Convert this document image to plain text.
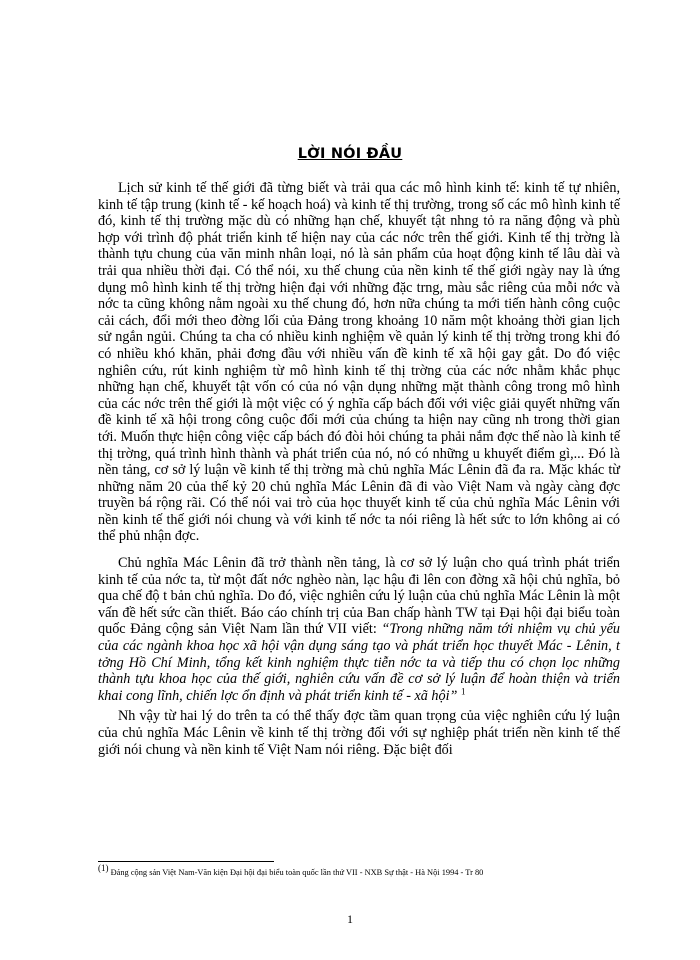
LỜI NÓI ĐẦU

Lịch sử kinh tế thế giới đã từng biết và trải qua các mô hình kinh tế: kinh tế tự nhiên, kinh tế tập trung (kinh tế - kế hoạch hoá) và kinh tế thị trường, trong số các mô hình kinh tế đó, kinh tế thị trường mặc dù có những hạn chế, khuyết tật nhng tỏ ra năng động và phù hợp với trình độ phát triển kinh tế hiện nay của các nớc trên thế giới. Kinh tế thị trờng là thành tựu chung của văn minh nhân loại, nó là sản phẩm của hoạt động kinh tế lâu dài và trải qua nhiều thời đại. Có thể nói, xu thế chung của nền kinh tế thế giới ngày nay là ứng dụng mô hình kinh tế thị trờng hiện đại với những đặc trng, màu sắc riêng của mỗi nớc và nớc ta cũng không nằm ngoài xu thế chung đó, hơn nữa chúng ta mới tiến hành công cuộc cải cách, đổi mới theo đờng lối của Đảng trong khoảng 10 năm một khoảng thời gian lịch sử ngắn ngủi. Chúng ta cha có nhiều kinh nghiệm về quản lý kinh tế thị trờng trong khi đó có nhiều khó khăn, phải đơng đầu với nhiều vấn đề kinh tế xã hội gay gắt. Do đó việc nghiên cứu, rút kinh nghiệm từ mô hình kinh tế thị trờng của các nớc nhằm khắc phục những hạn chế, khuyết tật vốn có của nó vận dụng những mặt thành công trong mô hình của các nớc trên thế giới là một việc có ý nghĩa cấp bách đối với việc giải quyết những vấn đề kinh tế xã hội trong công cuộc đổi mới của chúng ta hiện nay cũng nh trong thời gian tới. Muốn thực hiện công việc cấp bách đó đòi hỏi chúng ta phải nắm đợc thế nào là kinh tế thị trờng, quá trình hình thành và phát triển của nó, nó có những u khuyết điểm gì,... Đó là nền tảng, cơ sở lý luận về kinh tế thị trờng mà chủ nghĩa Mác Lênin đã đa ra. Mặc khác từ những năm 20 của thế kỷ 20 chủ nghĩa Mác Lênin đã đi vào Việt Nam và ngày càng đợc truyền bá rộng rãi. Có thể nói vai trò của học thuyết kinh tế của chủ nghĩa Mác Lênin với nền kinh tế thế giới nói chung và với kinh tế nớc ta nói riêng là hết sức to lớn không ai có thể phủ nhận đợc.

Chủ nghĩa Mác Lênin đã trở thành nền tảng, là cơ sở lý luận cho quá trình phát triển kinh tế của nớc ta, từ một đất nớc nghèo nàn, lạc hậu đi lên con đờng xã hội chủ nghĩa, bỏ qua chế độ t bản chủ nghĩa. Do đó, việc nghiên cứu lý luận của chủ nghĩa Mác Lênin là một vấn đề hết sức cần thiết. Báo cáo chính trị của Ban chấp hành TW tại Đại hội đại biểu toàn quốc Đảng cộng sản Việt Nam lần thứ VII viết: “Trong những năm tới nhiệm vụ chủ yếu của các ngành khoa học xã hội vận dụng sáng tạo và phát triển học thuyết Mác - Lênin, t tởng Hồ Chí Minh, tổng kết kinh nghiệm thực tiễn nớc ta và tiếp thu có chọn lọc những thành tựu khoa học của thế giới, nghiên cứu vấn đề cơ sở lý luận để hoàn thiện và triển khai cong lĩnh, chiến lợc ổn định và phát triển kinh tế - xã hội” $^1$

Nh vậy từ hai lý do trên ta có thể thấy đợc tầm quan trọng của việc nghiên cứu lý luận của chủ nghĩa Mác Lênin về kinh tế thị trờng đối với sự nghiệp phát triển nền kinh tế thế giới nói chung và nền kinh tế Việt Nam nói riêng. Đặc biệt đối

$^{(1)}$ Đảng cộng sản Việt Nam-Văn kiện Đại hội đại biểu toàn quốc lần thứ VII - NXB Sự thật - Hà Nội 1994 - Tr 80
1
